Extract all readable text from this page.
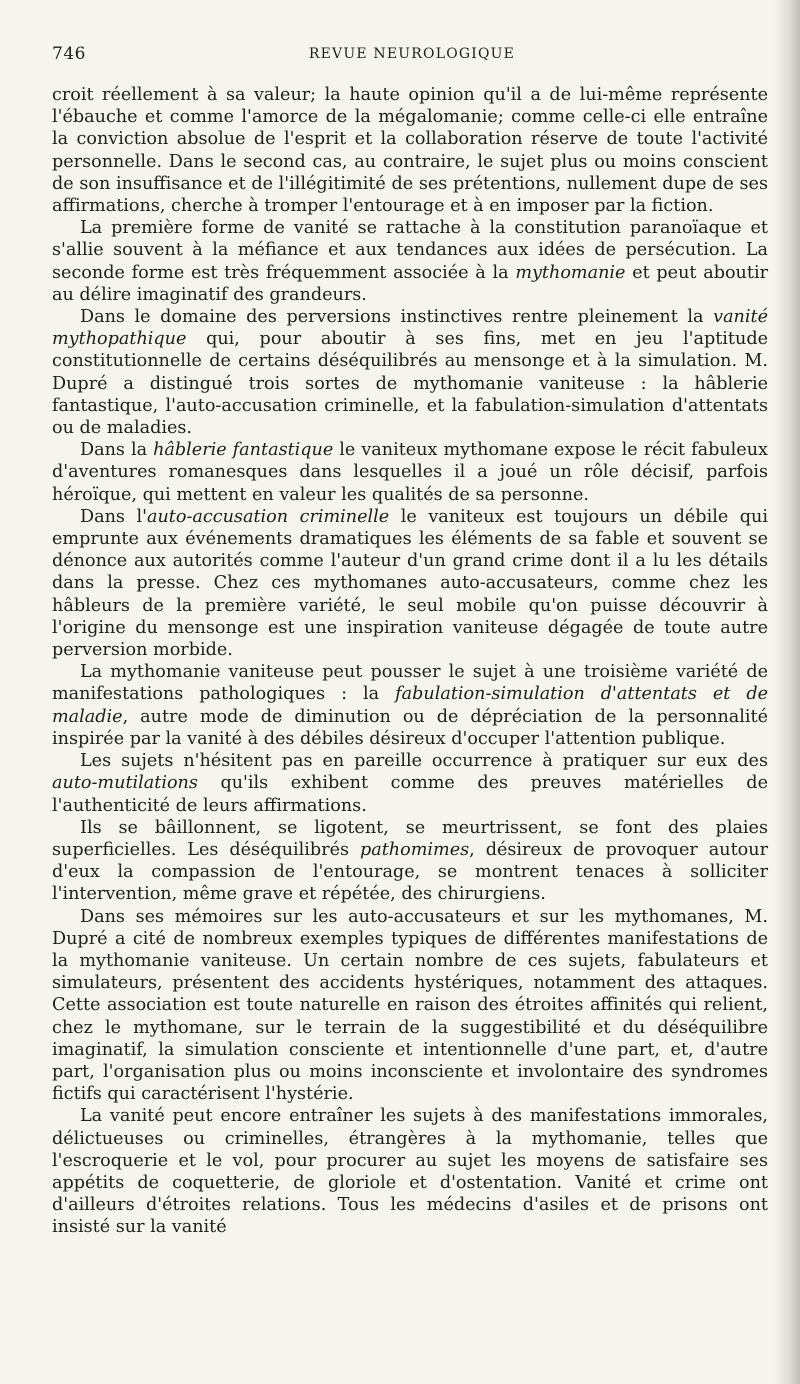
746	REVUE NEUROLOGIQUE

croit réellement à sa valeur; la haute opinion qu'il a de lui-même représente l'ébauche et comme l'amorce de la mégalomanie; comme celle-ci elle entraîne la conviction absolue de l'esprit et la collaboration réserve de toute l'activité personnelle. Dans le second cas, au contraire, le sujet plus ou moins conscient de son insuffisance et de l'illégitimité de ses prétentions, nullement dupe de ses affirmations, cherche à tromper l'entourage et à en imposer par la fiction.

La première forme de vanité se rattache à la constitution paranoïaque et s'allie souvent à la méfiance et aux tendances aux idées de persécution. La seconde forme est très fréquemment associée à la mythomanie et peut aboutir au délire imaginatif des grandeurs.

Dans le domaine des perversions instinctives rentre pleinement la vanité mythopathique qui, pour aboutir à ses fins, met en jeu l'aptitude constitutionnelle de certains déséquilibrés au mensonge et à la simulation. M. Dupré a distingué trois sortes de mythomanie vaniteuse : la hâblerie fantastique, l'auto-accusation criminelle, et la fabulation-simulation d'attentats ou de maladies.

Dans la hâblerie fantastique le vaniteux mythomane expose le récit fabuleux d'aventures romanesques dans lesquelles il a joué un rôle décisif, parfois héroïque, qui mettent en valeur les qualités de sa personne.

Dans l'auto-accusation criminelle le vaniteux est toujours un débile qui emprunte aux événements dramatiques les éléments de sa fable et souvent se dénonce aux autorités comme l'auteur d'un grand crime dont il a lu les détails dans la presse. Chez ces mythomanes auto-accusateurs, comme chez les hâbleurs de la première variété, le seul mobile qu'on puisse découvrir à l'origine du mensonge est une inspiration vaniteuse dégagée de toute autre perversion morbide.

La mythomanie vaniteuse peut pousser le sujet à une troisième variété de manifestations pathologiques : la fabulation-simulation d'attentats et de maladie, autre mode de diminution ou de dépréciation de la personnalité inspirée par la vanité à des débiles désireux d'occuper l'attention publique.

Les sujets n'hésitent pas en pareille occurrence à pratiquer sur eux des auto-mutilations qu'ils exhibent comme des preuves matérielles de l'authenticité de leurs affirmations.

Ils se bâillonnent, se ligotent, se meurtrissent, se font des plaies superficielles. Les déséquilibrés pathomimes, désireux de provoquer autour d'eux la compassion de l'entourage, se montrent tenaces à solliciter l'intervention, même grave et répétée, des chirurgiens.

Dans ses mémoires sur les auto-accusateurs et sur les mythomanes, M. Dupré a cité de nombreux exemples typiques de différentes manifestations de la mythomanie vaniteuse. Un certain nombre de ces sujets, fabulateurs et simulateurs, présentent des accidents hystériques, notamment des attaques. Cette association est toute naturelle en raison des étroites affinités qui relient, chez le mythomane, sur le terrain de la suggestibilité et du déséquilibre imaginatif, la simulation consciente et intentionnelle d'une part, et, d'autre part, l'organisation plus ou moins inconsciente et involontaire des syndromes fictifs qui caractérisent l'hystérie.

La vanité peut encore entraîner les sujets à des manifestations immorales, délictueuses ou criminelles, étrangères à la mythomanie, telles que l'escroquerie et le vol, pour procurer au sujet les moyens de satisfaire ses appétits de coquetterie, de gloriole et d'ostentation. Vanité et crime ont d'ailleurs d'étroites relations. Tous les médecins d'asiles et de prisons ont insisté sur la vanité
